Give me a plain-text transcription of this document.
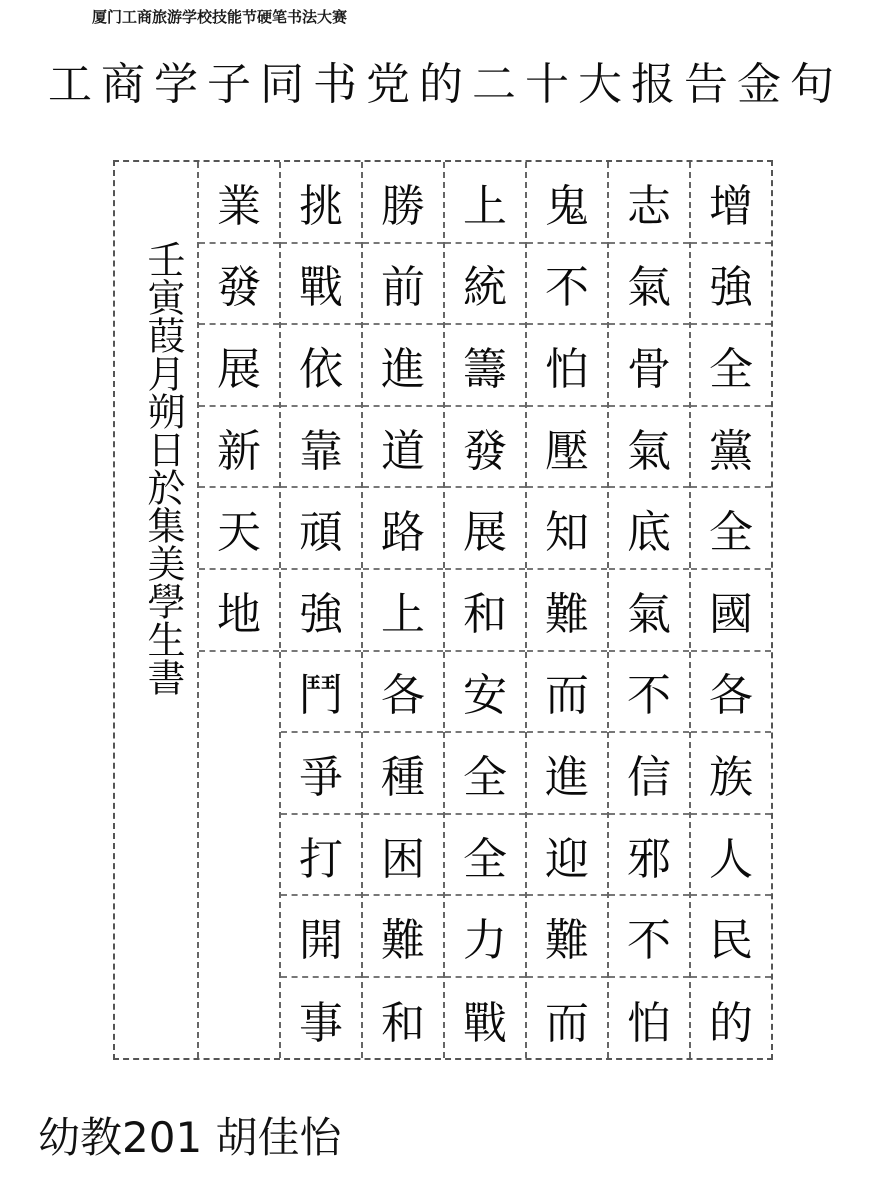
厦门工商旅游学校技能节硬笔书法大赛
工商学子同书党的二十大报告金句
壬寅葭月朔日於集美學生書
增
強
全
黨
全
國
各
族
人
民
的
志
氣
骨
氣
底
氣
不
信
邪
不
怕
鬼
不
怕
壓
知
難
而
進
迎
難
而
上
統
籌
發
展
和
安
全
全
力
戰
勝
前
進
道
路
上
各
種
困
難
和
挑
戰
依
靠
頑
強
鬥
爭
打
開
事
業
發
展
新
天
地
幼教201 胡佳怡
